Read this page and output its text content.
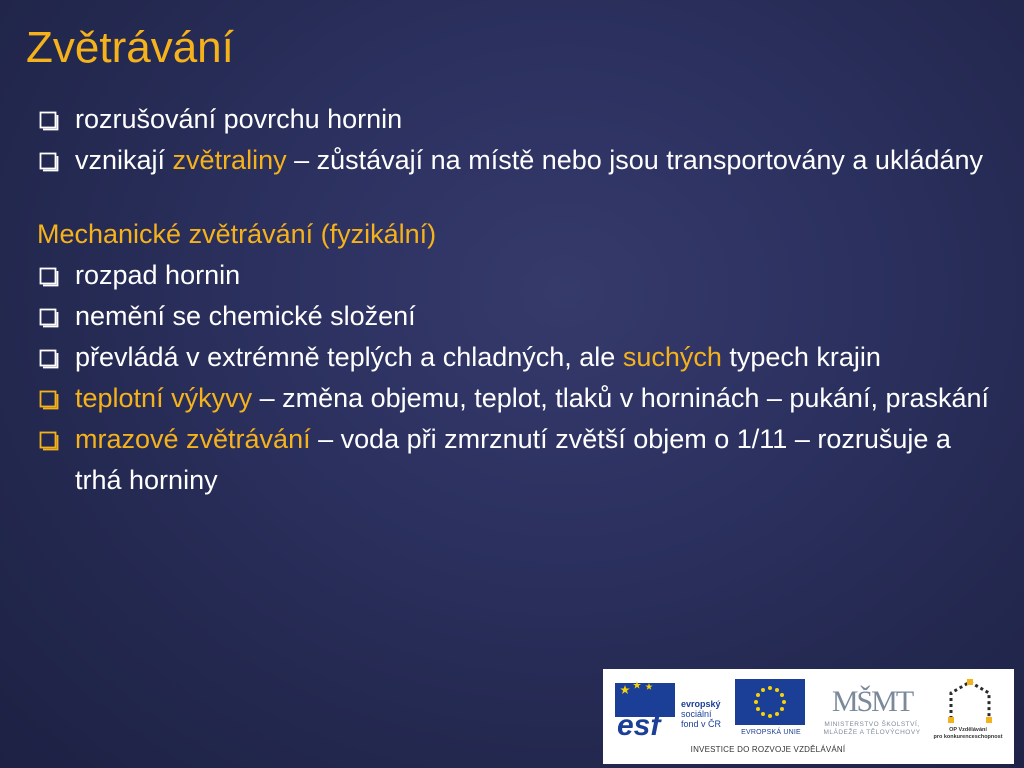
Zvětrávání
rozrušování povrchu hornin
vznikají zvětraliny – zůstávají na místě nebo jsou transportovány a ukládány
Mechanické zvětrávání (fyzikální)
rozpad hornin
nemění se chemické složení
převládá v extrémně teplých a chladných, ale suchých typech krajin
teplotní výkyvy – změna objemu, teplot, tlaků v horninách – pukání, praskání
mrazové zvětrávání – voda při zmrznutí zvětší objem o 1/11 – rozrušuje a trhá horniny
esf
evropský
sociální
fond v ČR
EVROPSKÁ UNIE
MŠMT
MINISTERSTVO ŠKOLSTVÍ,
MLÁDEŽE A TĚLOVÝCHOVY	OP Vzdělávání
pro konkurenceschopnost
INVESTICE DO ROZVOJE VZDĚLÁVÁNÍ
